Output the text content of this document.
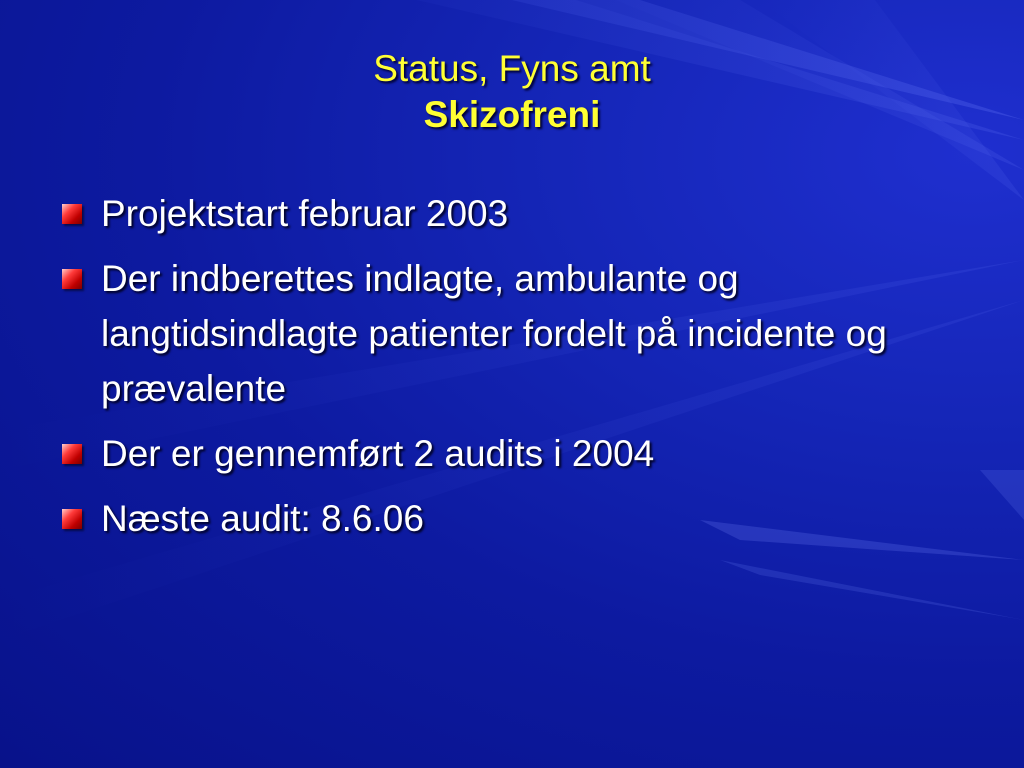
Status, Fyns amt
Skizofreni
Projektstart februar 2003
Der indberettes indlagte, ambulante og langtidsindlagte patienter fordelt på incidente og prævalente
Der er gennemført 2 audits i 2004
Næste audit: 8.6.06
